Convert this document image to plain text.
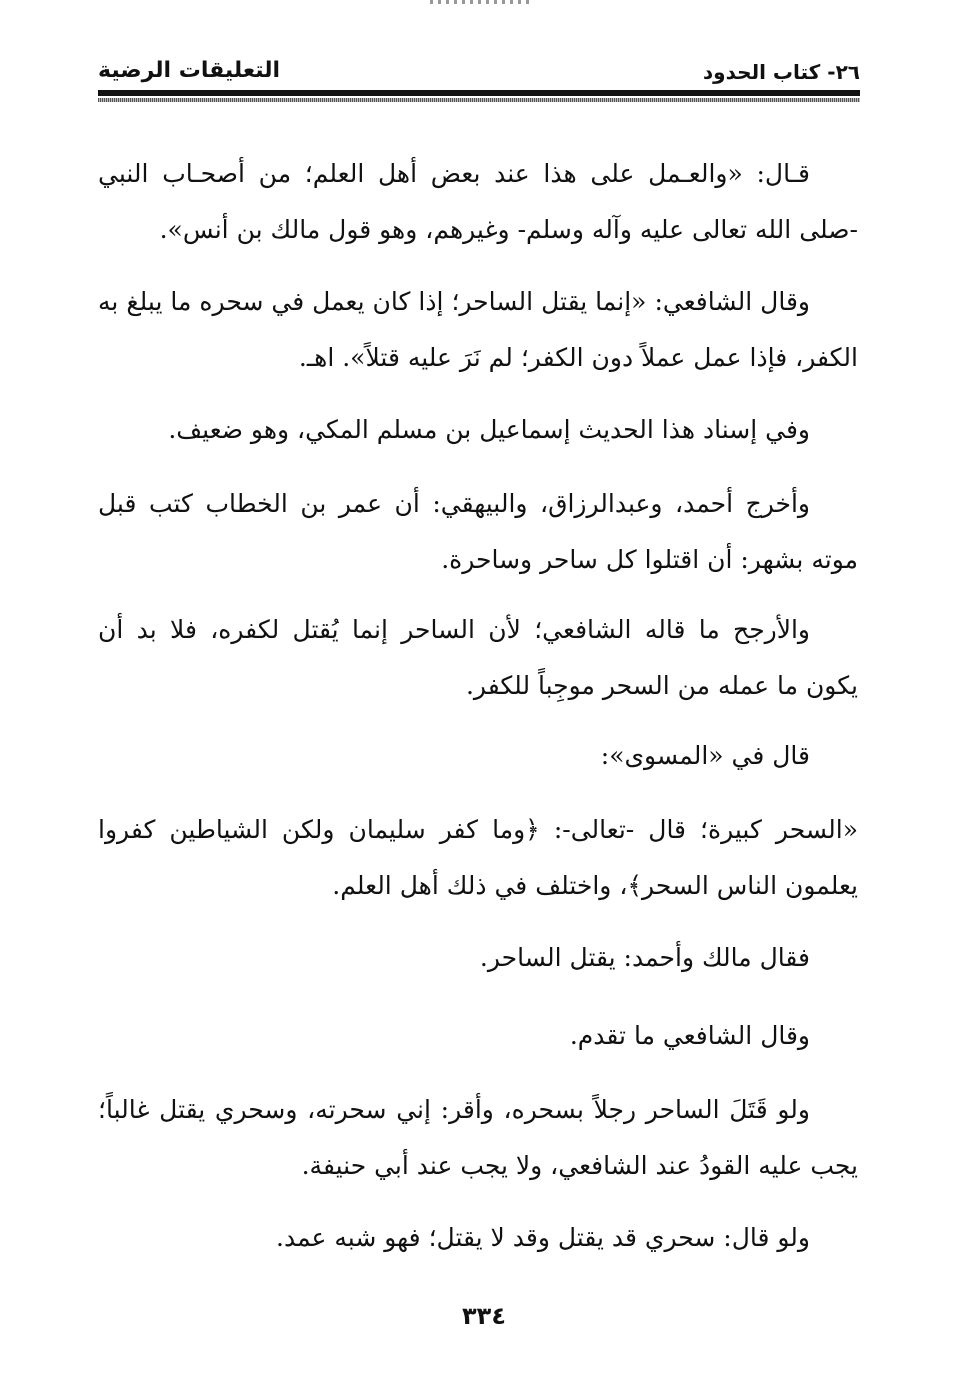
٢٦- كتاب الحدود
التعليقات الرضية

قـال: «والعـمل على هذا عند بعض أهل العلم؛ من أصحـاب النبي -صلى الله تعالى عليه وآله وسلم- وغيرهم، وهو قول مالك بن أنس».

وقال الشافعي: «إنما يقتل الساحر؛ إذا كان يعمل في سحره ما يبلغ به الكفر، فإذا عمل عملاً دون الكفر؛ لم نَرَ عليه قتلاً». اهـ.

وفي إسناد هذا الحديث إسماعيل بن مسلم المكي، وهو ضعيف.

وأخرج أحمد، وعبدالرزاق، والبيهقي: أن عمر بن الخطاب كتب قبل موته بشهر: أن اقتلوا كل ساحر وساحرة.

والأرجح ما قاله الشافعي؛ لأن الساحر إنما يُقتل لكفره، فلا بد أن يكون ما عمله من السحر موجِباً للكفر.

قال في «المسوى»:

«السحر كبيرة؛ قال -تعالى-: ﴿وما كفر سليمان ولكن الشياطين كفروا يعلمون الناس السحر﴾، واختلف في ذلك أهل العلم.

فقال مالك وأحمد: يقتل الساحر.

وقال الشافعي ما تقدم.

ولو قَتَلَ الساحر رجلاً بسحره، وأقر: إني سحرته، وسحري يقتل غالباً؛ يجب عليه القودُ عند الشافعي، ولا يجب عند أبي حنيفة.

ولو قال: سحري قد يقتل وقد لا يقتل؛ فهو شبه عمد.

٣٣٤
